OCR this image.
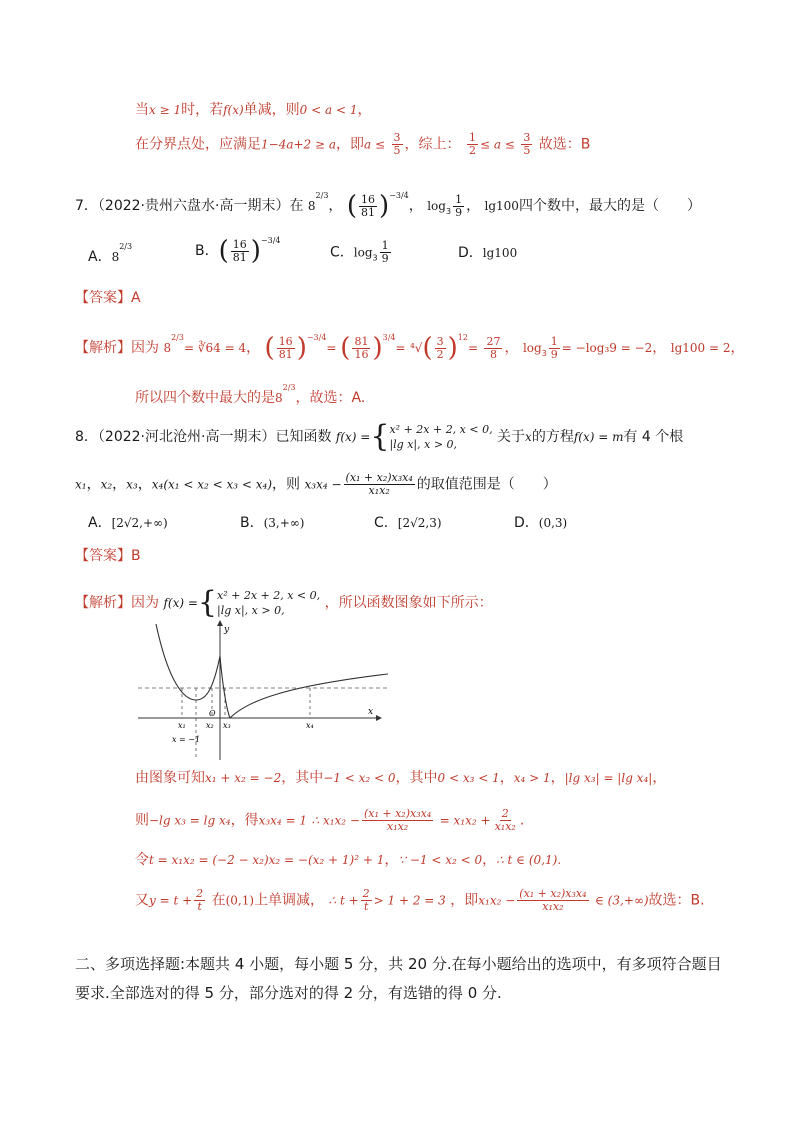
当x ≥ 1时，若f(x)单减，则0 < a < 1，
在分界点处，应满足1−4a+2 ≥ a，即$a \le \frac{3}{5}$ ，综上： $\frac{1}{2} \le a \le \frac{3}{5}$ 故选：B
7．（2022·贵州六盘水·高一期末）在 $8^{2/3}$， ( $\frac{16}{81} )^{-3/4}$， $\log_3 \frac{1}{9}$ ， lg100四个数中，最大的是（　　）
A．$8^{2/3}$	B．( $\frac{16}{81} )^{-3/4}$
C．$\log_3 \frac{1}{9}$	D．lg100
【答案】A
【解析】因为 $8^{2/3}=$ ∛64 = 4， ( $\frac{16}{81} )^{-3/4}=$ ( $\frac{81}{16} )^{3/4}= ^4√( \frac{3}{2} )^{12}= \frac{27}{8}$ ， $\log_3 \frac{1}{9} = -\log_39 = -2$， lg100 = 2，
所以四个数中最大的是$8^{2/3}$，故选：A.
8．（2022·河北沧州·高一期末）已知函数 f(x) ={ x² + 2x + 2, x < 0,
|lg x|, x > 0,	关于x的方程f(x) = m有 4 个根
x₁，x₂，x₃，x₄(x₁ < x₂ < x₃ < x₄)，则 $x_3x_4 - \frac{\text{(x₁ + x₂)x₃x₄}}{\text{x₁x₂}}$ 的取值范围是（　　）
A．[2√2,+∞)	B．(3,+∞)	C．[2√2,3)	D．(0,3)
【答案】B
【解析】因为 f(x) ={ x² + 2x + 2, x < 0,
|lg x|, x > 0,	，所以函数图象如下所示：
y
x
O
x₁	x₂ x₃	x₄
x = −1
由图象可知x₁ + x₂ = −2，其中−1 < x₂ < 0，其中0 < x₃ < 1，x₄ > 1，|lg x₃| = |lg x₄|，
则−lg x₃ = lg x₄，得x₃x₄ = 1 ∴ $x_1x_2 - \frac{\text{(x₁ + x₂)x₃x₄}}{\text{x₁x₂}} = x_1x_2 + \frac{2}{\text{x₁x₂}}$ .
令t = x₁x₂ = (−2 − x₂)x₂ = −(x₂ + 1)² + 1，∵ −1 < x₂ < 0，∴ t ∈ (0,1).
又$y = t + \frac{2}{t}$ 在(0,1)上单调减， ∴ $t + \frac{2}{t} > 1 + 2 = 3$ ，即$x_1x_2 - \frac{\text{(x₁ + x₂)x₃x₄}}{\text{x₁x₂}}$ ∈ (3,+∞)故选：B.
二、多项选择题:本题共 4 小题，每小题 5 分，共 20 分.在每小题给出的选项中，有多项符合题目要求.全部选对的得 5 分，部分选对的得 2 分，有选错的得 0 分.
